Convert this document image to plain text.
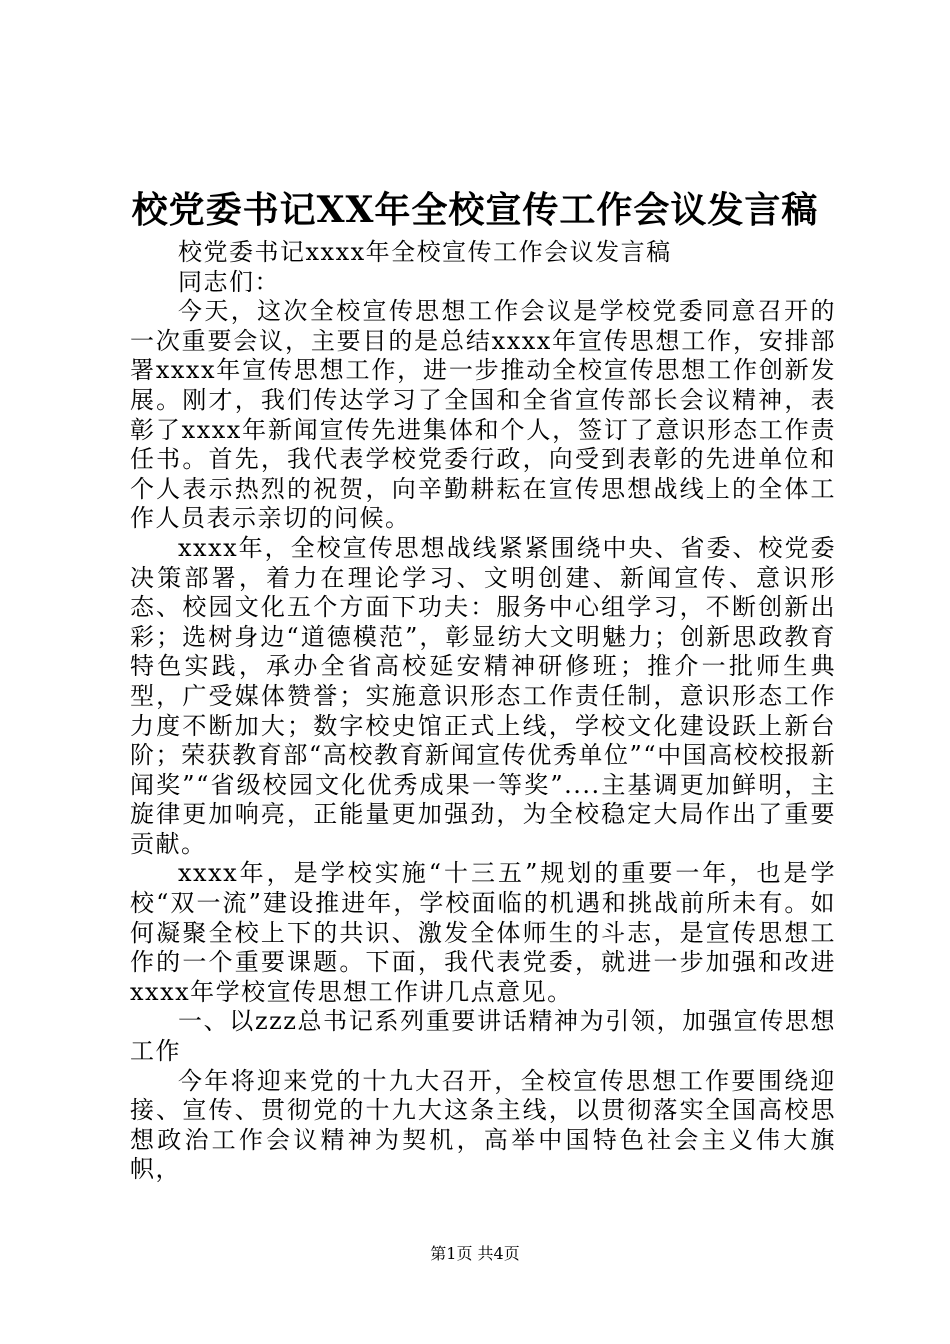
校党委书记XX年全校宣传工作会议发言稿

校党委书记xxxx年全校宣传工作会议发言稿

同志们：

今天，这次全校宣传思想工作会议是学校党委同意召开的一次重要会议，主要目的是总结xxxx年宣传思想工作，安排部署xxxx年宣传思想工作，进一步推动全校宣传思想工作创新发展。刚才，我们传达学习了全国和全省宣传部长会议精神，表彰了xxxx年新闻宣传先进集体和个人，签订了意识形态工作责任书。首先，我代表学校党委行政，向受到表彰的先进单位和个人表示热烈的祝贺，向辛勤耕耘在宣传思想战线上的全体工作人员表示亲切的问候。

xxxx年，全校宣传思想战线紧紧围绕中央、省委、校党委决策部署，着力在理论学习、文明创建、新闻宣传、意识形态、校园文化五个方面下功夫：服务中心组学习，不断创新出彩；选树身边“道德模范”，彰显纺大文明魅力；创新思政教育特色实践，承办全省高校延安精神研修班；推介一批师生典型，广受媒体赞誉；实施意识形态工作责任制，意识形态工作力度不断加大；数字校史馆正式上线，学校文化建设跃上新台阶；荣获教育部“高校教育新闻宣传优秀单位”“中国高校校报新闻奖”“省级校园文化优秀成果一等奖”....主基调更加鲜明，主旋律更加响亮，正能量更加强劲，为全校稳定大局作出了重要贡献。

xxxx年，是学校实施“十三五”规划的重要一年，也是学校“双一流”建设推进年，学校面临的机遇和挑战前所未有。如何凝聚全校上下的共识、激发全体师生的斗志，是宣传思想工作的一个重要课题。下面，我代表党委，就进一步加强和改进xxxx年学校宣传思想工作讲几点意见。

一、以zzz总书记系列重要讲话精神为引领，加强宣传思想工作

今年将迎来党的十九大召开，全校宣传思想工作要围绕迎接、宣传、贯彻党的十九大这条主线，以贯彻落实全国高校思想政治工作会议精神为契机，高举中国特色社会主义伟大旗帜，

第1页 共4页
